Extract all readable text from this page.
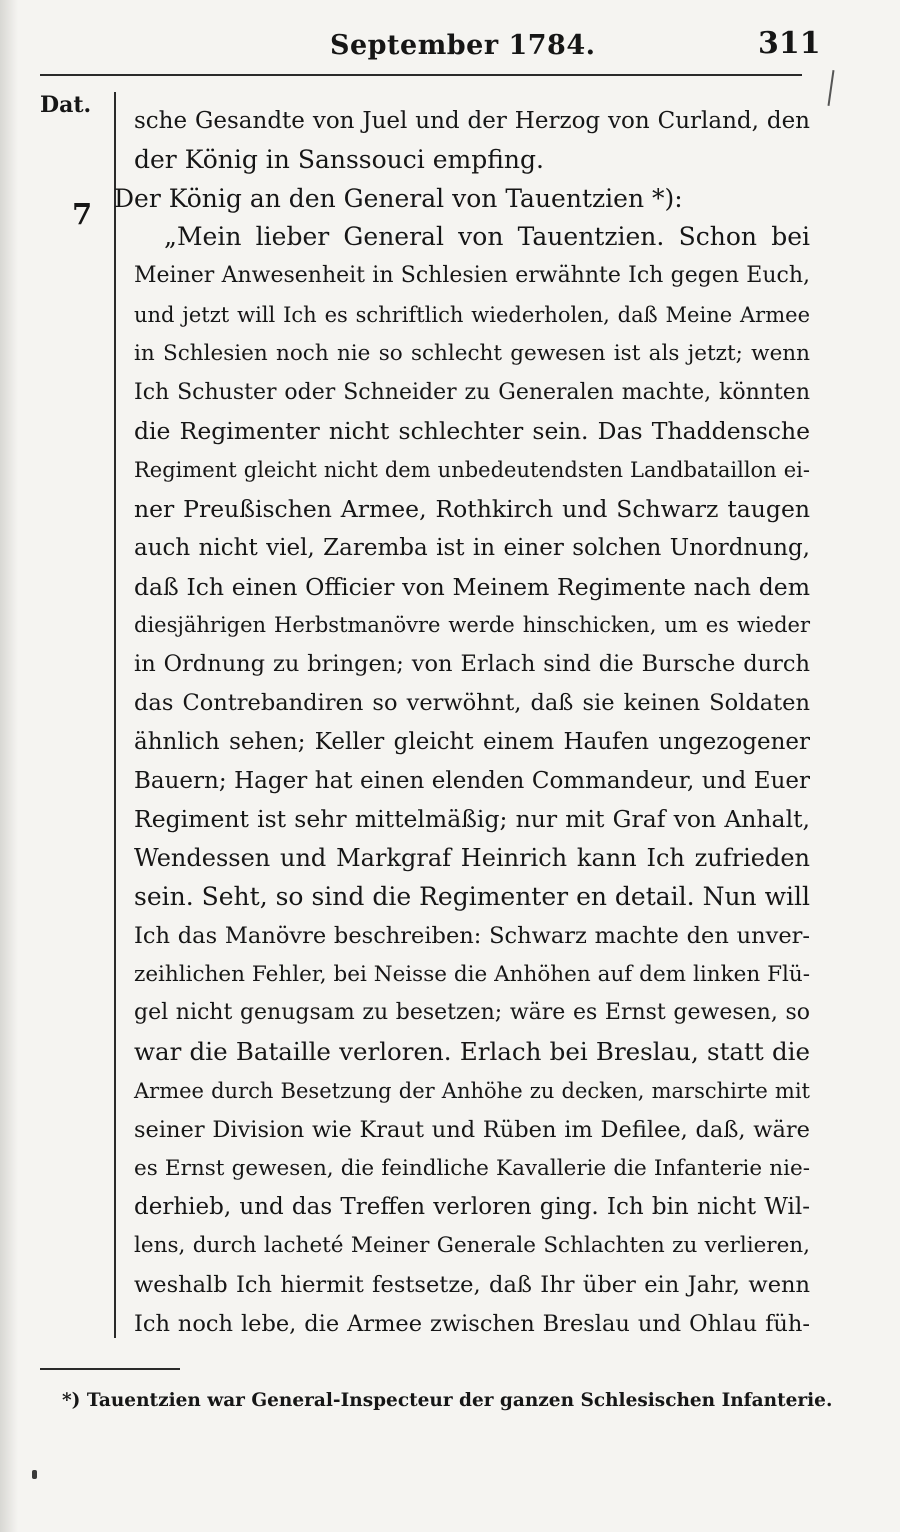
September 1784.	311
Dat.
7
sche Gesandte von Juel und der Herzog von Curland, den
der König in Sanssouci empfing.
Der König an den General von Tauentzien *):
„Mein lieber General von Tauentzien. Schon bei
Meiner Anwesenheit in Schlesien erwähnte Ich gegen Euch,
und jetzt will Ich es schriftlich wiederholen, daß Meine Armee
in Schlesien noch nie so schlecht gewesen ist als jetzt; wenn
Ich Schuster oder Schneider zu Generalen machte, könnten
die Regimenter nicht schlechter sein. Das Thaddensche
Regiment gleicht nicht dem unbedeutendsten Landbataillon ei-
ner Preußischen Armee, Rothkirch und Schwarz taugen
auch nicht viel, Zaremba ist in einer solchen Unordnung,
daß Ich einen Officier von Meinem Regimente nach dem
diesjährigen Herbstmanövre werde hinschicken, um es wieder
in Ordnung zu bringen; von Erlach sind die Bursche durch
das Contrebandiren so verwöhnt, daß sie keinen Soldaten
ähnlich sehen; Keller gleicht einem Haufen ungezogener
Bauern; Hager hat einen elenden Commandeur, und Euer
Regiment ist sehr mittelmäßig; nur mit Graf von Anhalt,
Wendessen und Markgraf Heinrich kann Ich zufrieden
sein. Seht, so sind die Regimenter en detail. Nun will
Ich das Manövre beschreiben: Schwarz machte den unver-
zeihlichen Fehler, bei Neisse die Anhöhen auf dem linken Flü-
gel nicht genugsam zu besetzen; wäre es Ernst gewesen, so
war die Bataille verloren. Erlach bei Breslau, statt die
Armee durch Besetzung der Anhöhe zu decken, marschirte mit
seiner Division wie Kraut und Rüben im Defilee, daß, wäre
es Ernst gewesen, die feindliche Kavallerie die Infanterie nie-
derhieb, und das Treffen verloren ging. Ich bin nicht Wil-
lens, durch lacheté Meiner Generale Schlachten zu verlieren,
weshalb Ich hiermit festsetze, daß Ihr über ein Jahr, wenn
Ich noch lebe, die Armee zwischen Breslau und Ohlau füh-
*) Tauentzien war General-Inspecteur der ganzen Schlesischen Infanterie.
